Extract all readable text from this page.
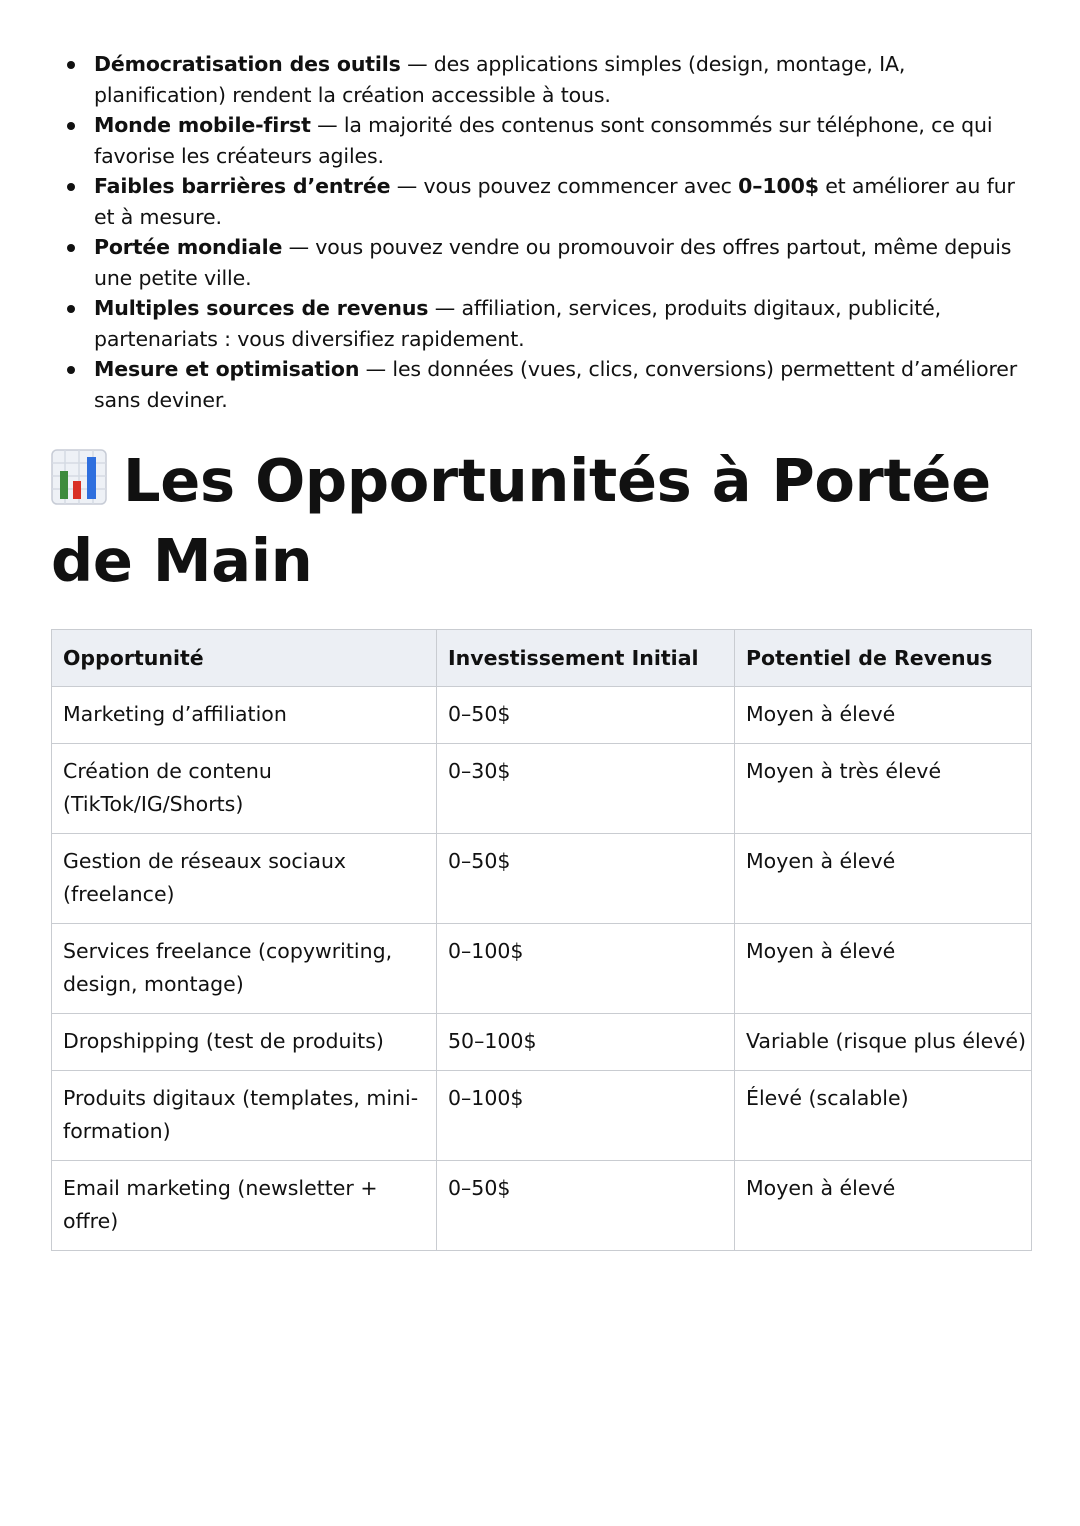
Démocratisation des outils — des applications simples (design, montage, IA, planification) rendent la création accessible à tous.
Monde mobile-first — la majorité des contenus sont consommés sur téléphone, ce qui favorise les créateurs agiles.
Faibles barrières d’entrée — vous pouvez commencer avec 0–100$ et améliorer au fur et à mesure.
Portée mondiale — vous pouvez vendre ou promouvoir des offres partout, même depuis une petite ville.
Multiples sources de revenus — affiliation, services, produits digitaux, publicité, partenariats : vous diversifiez rapidement.
Mesure et optimisation — les données (vues, clics, conversions) permettent d’améliorer sans deviner.
Les Opportunités à Portée de Main
Opportunité	Investissement Initial	Potentiel de Revenus
Marketing d’affiliation	0–50$	Moyen à élevé
Création de contenu (TikTok/IG/Shorts)	0–30$	Moyen à très élevé
Gestion de réseaux sociaux (freelance)	0–50$	Moyen à élevé
Services freelance (copywriting, design, montage)	0–100$	Moyen à élevé
Dropshipping (test de produits)	50–100$	Variable (risque plus élevé)
Produits digitaux (templates, mini-formation)	0–100$	Élevé (scalable)
Email marketing (newsletter + offre)	0–50$	Moyen à élevé
